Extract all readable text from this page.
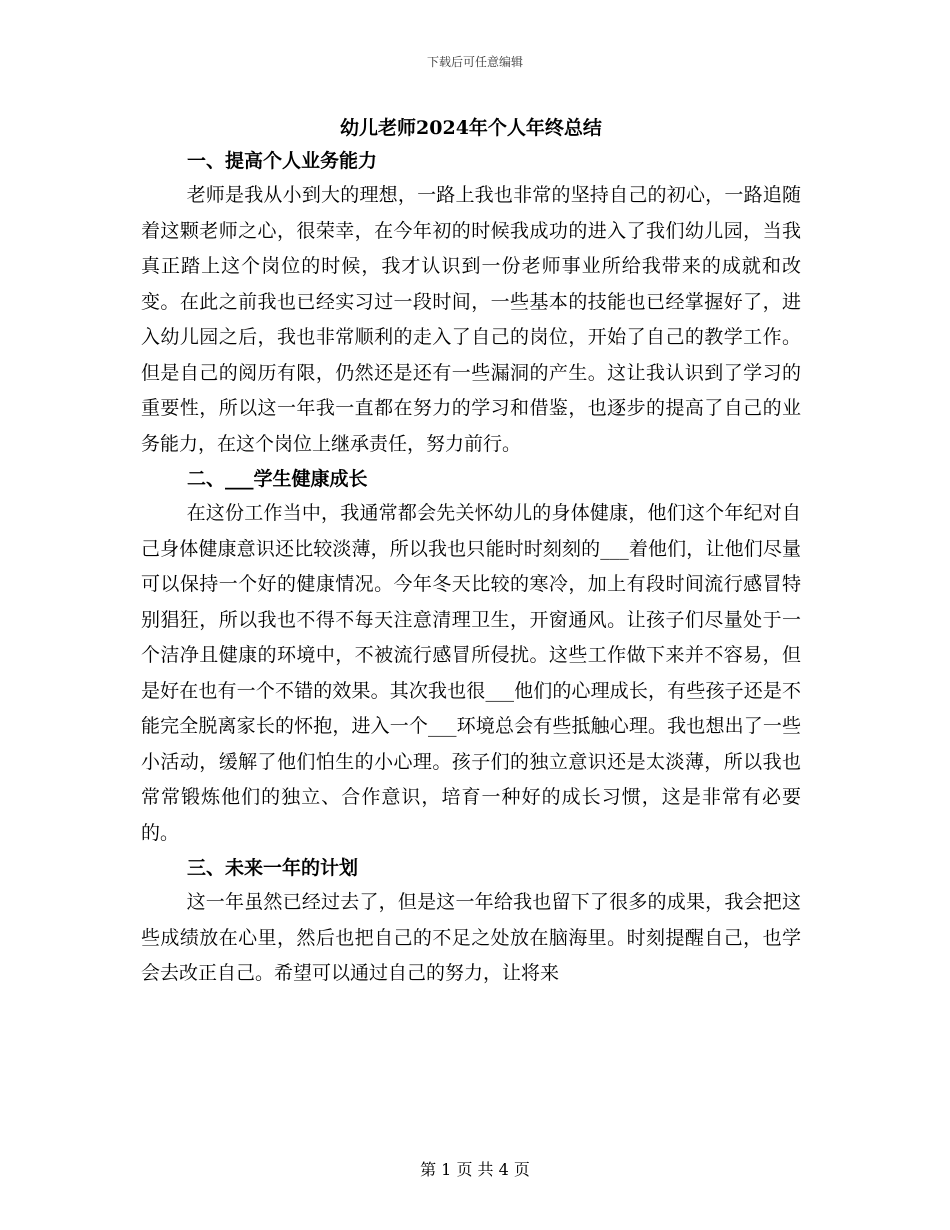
下载后可任意编辑
幼儿老师2024年个人年终总结
一、提高个人业务能力

老师是我从小到大的理想，一路上我也非常的坚持自己的初心，一路追随着这颗老师之心，很荣幸，在今年初的时候我成功的进入了我们幼儿园，当我真正踏上这个岗位的时候，我才认识到一份老师事业所给我带来的成就和改变。在此之前我也已经实习过一段时间，一些基本的技能也已经掌握好了，进入幼儿园之后，我也非常顺利的走入了自己的岗位，开始了自己的教学工作。但是自己的阅历有限，仍然还是还有一些漏洞的产生。这让我认识到了学习的重要性，所以这一年我一直都在努力的学习和借鉴，也逐步的提高了自己的业务能力，在这个岗位上继承责任，努力前行。

二、___学生健康成长

在这份工作当中，我通常都会先关怀幼儿的身体健康，他们这个年纪对自己身体健康意识还比较淡薄，所以我也只能时时刻刻的___着他们，让他们尽量可以保持一个好的健康情况。今年冬天比较的寒冷，加上有段时间流行感冒特别猖狂，所以我也不得不每天注意清理卫生，开窗通风。让孩子们尽量处于一个洁净且健康的环境中，不被流行感冒所侵扰。这些工作做下来并不容易，但是好在也有一个不错的效果。其次我也很___他们的心理成长，有些孩子还是不能完全脱离家长的怀抱，进入一个___环境总会有些抵触心理。我也想出了一些小活动，缓解了他们怕生的小心理。孩子们的独立意识还是太淡薄，所以我也常常锻炼他们的独立、合作意识，培育一种好的成长习惯，这是非常有必要的。

三、未来一年的计划

这一年虽然已经过去了，但是这一年给我也留下了很多的成果，我会把这些成绩放在心里，然后也把自己的不足之处放在脑海里。时刻提醒自己，也学会去改正自己。希望可以通过自己的努力，让将来

第 1 页 共 4 页
